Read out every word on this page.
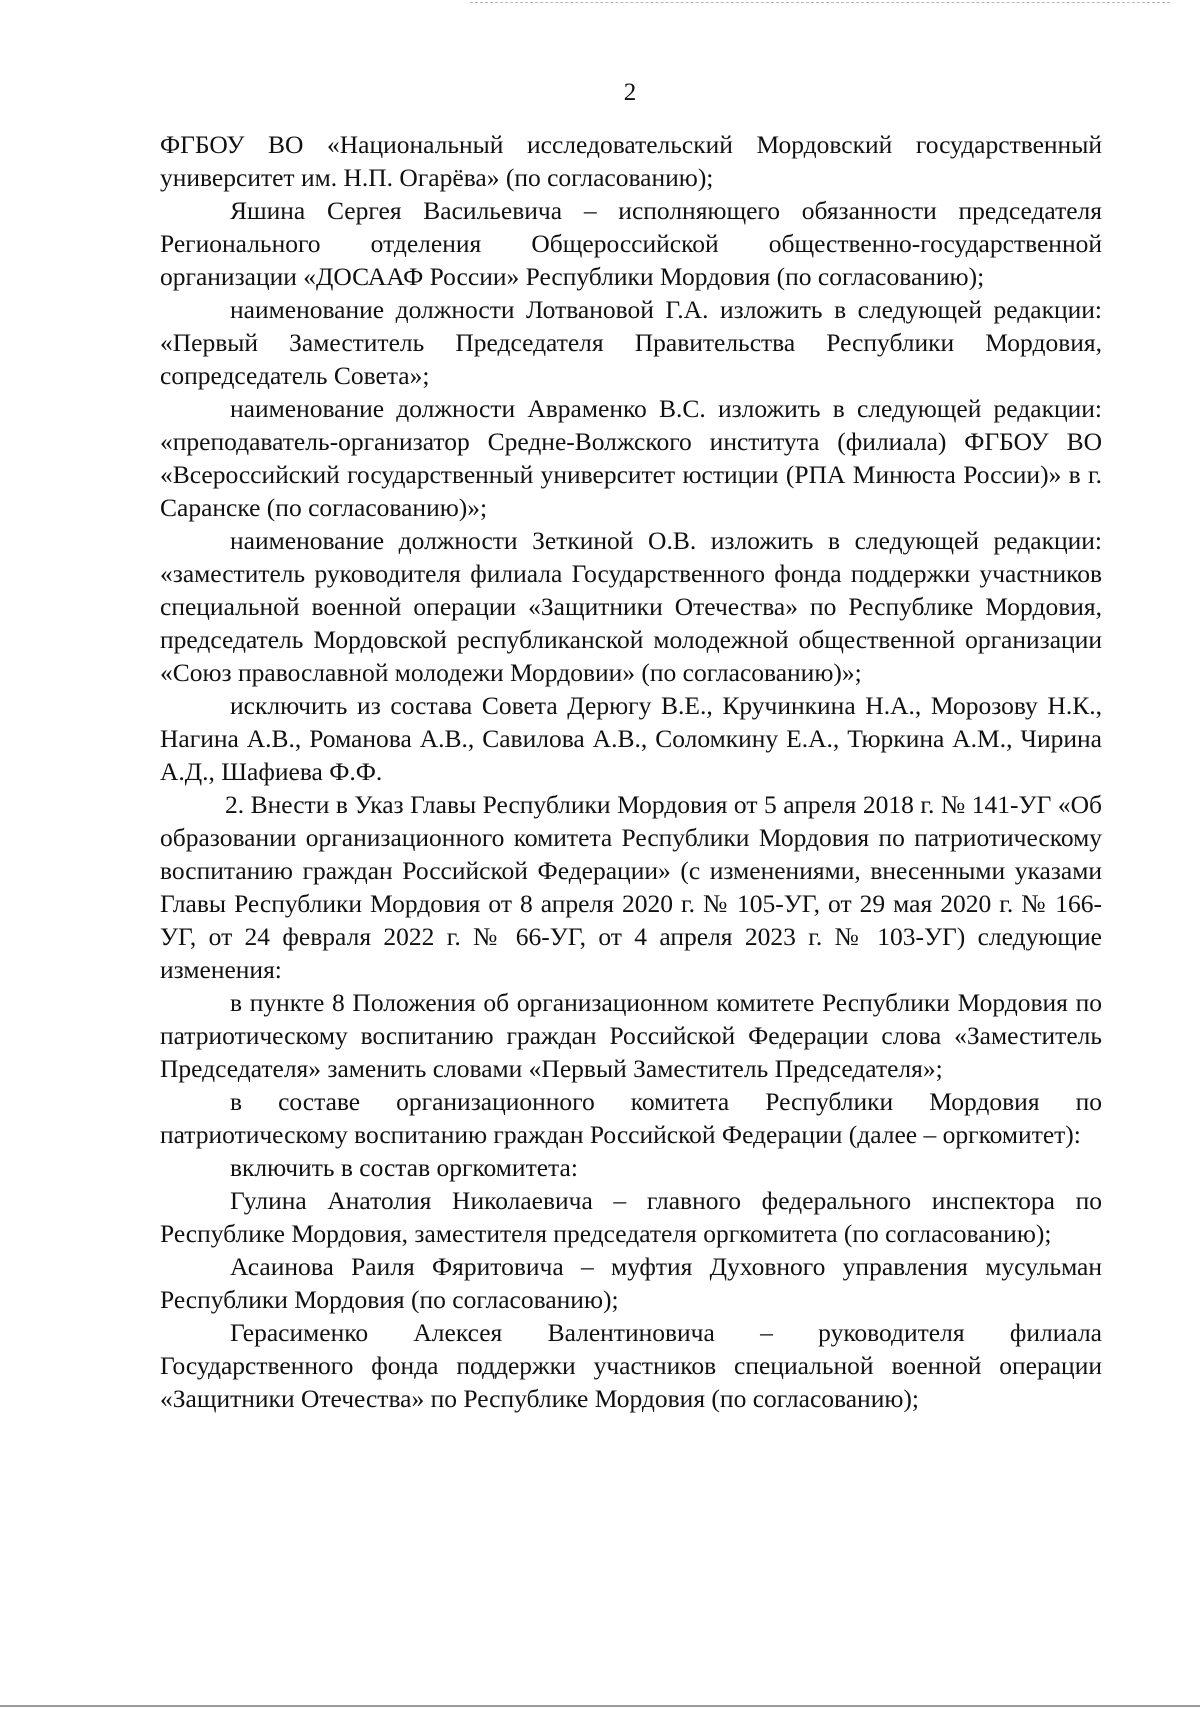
2

ФГБОУ ВО «Национальный исследовательский Мордовский государственный университет им. Н.П. Огарёва» (по согласованию);

Яшина Сергея Васильевича – исполняющего обязанности председателя Регионального отделения Общероссийской общественно-государственной организации «ДОСААФ России» Республики Мордовия (по согласованию);

наименование должности Лотвановой Г.А. изложить в следующей редакции: «Первый Заместитель Председателя Правительства Республики Мордовия, сопредседатель Совета»;

наименование должности Авраменко В.С. изложить в следующей редакции: «преподаватель-организатор Средне-Волжского института (филиала) ФГБОУ ВО «Всероссийский государственный университет юстиции (РПА Минюста России)» в г. Саранске (по согласованию)»;

наименование должности Зеткиной О.В. изложить в следующей редакции: «заместитель руководителя филиала Государственного фонда поддержки участников специальной военной операции «Защитники Отечества» по Республике Мордовия, председатель Мордовской республиканской молодежной общественной организации «Союз православной молодежи Мордовии» (по согласованию)»;

исключить из состава Совета Дерюгу В.Е., Кручинкина Н.А., Морозову Н.К., Нагина А.В., Романова А.В., Савилова А.В., Соломкину Е.А., Тюркина А.М., Чирина А.Д., Шафиева Ф.Ф.

2. Внести в Указ Главы Республики Мордовия от 5 апреля 2018 г. № 141-УГ «Об образовании организационного комитета Республики Мордовия по патриотическому воспитанию граждан Российской Федерации» (с изменениями, внесенными указами Главы Республики Мордовия от 8 апреля 2020 г. № 105-УГ, от 29 мая 2020 г. № 166-УГ, от 24 февраля 2022 г. № 66-УГ, от 4 апреля 2023 г. № 103-УГ) следующие изменения:

в пункте 8 Положения об организационном комитете Республики Мордовия по патриотическому воспитанию граждан Российской Федерации слова «Заместитель Председателя» заменить словами «Первый Заместитель Председателя»;

в составе организационного комитета Республики Мордовия по патриотическому воспитанию граждан Российской Федерации (далее – оргкомитет):

включить в состав оргкомитета:

Гулина Анатолия Николаевича – главного федерального инспектора по Республике Мордовия, заместителя председателя оргкомитета (по согласованию);

Асаинова Раиля Фяритовича – муфтия Духовного управления мусульман Республики Мордовия (по согласованию);

Герасименко Алексея Валентиновича – руководителя филиала Государственного фонда поддержки участников специальной военной операции «Защитники Отечества» по Республике Мордовия (по согласованию);
